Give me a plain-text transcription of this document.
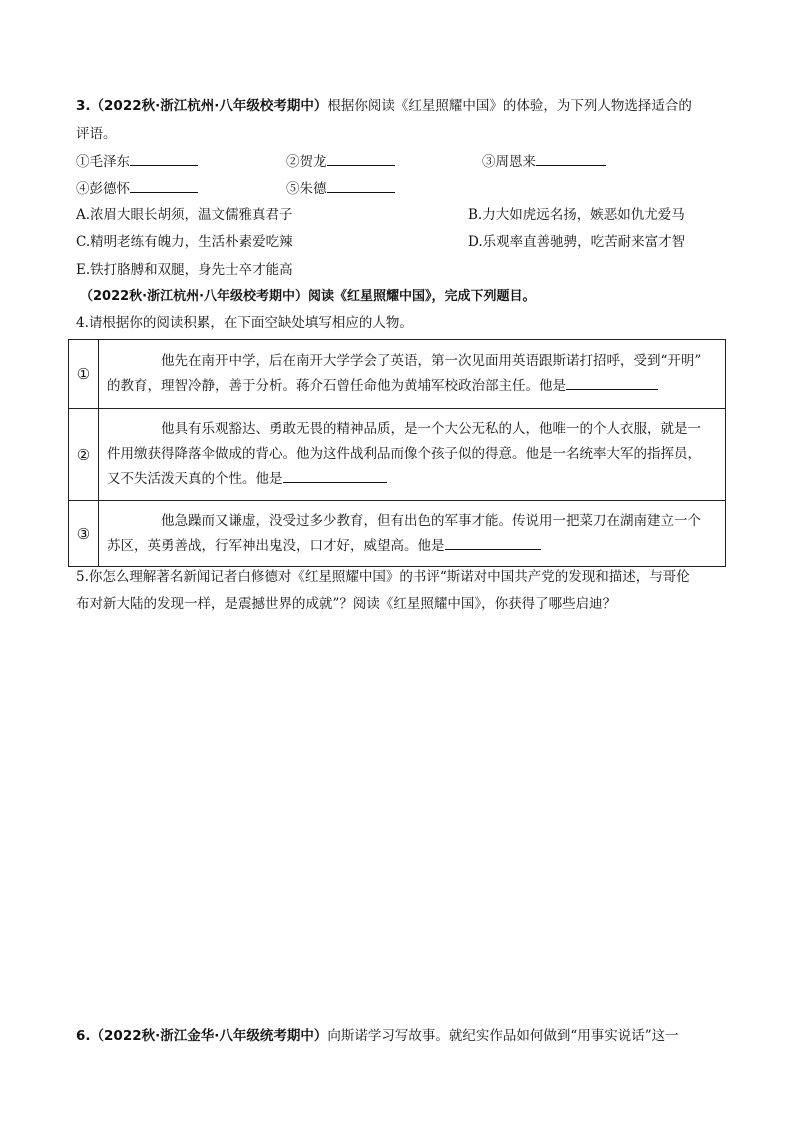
3.（2022秋·浙江杭州·八年级校考期中）根据你阅读《红星照耀中国》的体验，为下列人物选择适合的
评语。
①毛泽东	②贺龙	③周恩来
④彭德怀	⑤朱德
A.浓眉大眼长胡须，温文儒雅真君子	B.力大如虎远名扬，嫉恶如仇尤爱马
C.精明老练有魄力，生活朴素爱吃辣	D.乐观率直善驰骋，吃苦耐来富才智
E.铁打胳膊和双腿，身先士卒才能高
（2022秋·浙江杭州·八年级校考期中）阅读《红星照耀中国》，完成下列题目。
4.请根据你的阅读积累，在下面空缺处填写相应的人物。
①	他先在南开中学，后在南开大学学会了英语，第一次见面用英语跟斯诺打招呼，受到“开明”
的教育，理智冷静，善于分析。蒋介石曾任命他为黄埔军校政治部主任。他是

②	他具有乐观豁达、勇敢无畏的精神品质，是一个大公无私的人，他唯一的个人衣服，就是一
件用缴获得降落伞做成的背心。他为这件战利品而像个孩子似的得意。他是一名统率大军的指挥员，
又不失活泼天真的个性。他是

③	他急躁而又谦虚，没受过多少教育，但有出色的军事才能。传说用一把菜刀在湖南建立一个
苏区，英勇善战，行军神出鬼没，口才好，威望高。他是
5.你怎么理解著名新闻记者白修德对《红星照耀中国》的书评“斯诺对中国共产党的发现和描述，与哥伦
布对新大陆的发现一样，是震撼世界的成就”？阅读《红星照耀中国》，你获得了哪些启迪？
6.（2022秋·浙江金华·八年级统考期中）向斯诺学习写故事。就纪实作品如何做到“用事实说话”这一
